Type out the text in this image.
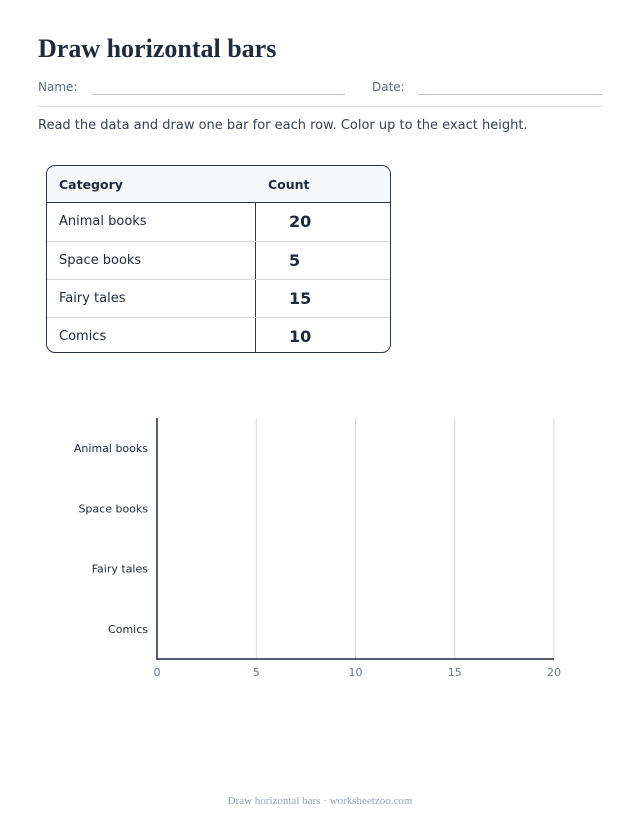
Draw horizontal bars
Name:	Date:

Read the data and draw one bar for each row. Color up to the exact height.

Category	Count
Animal books	20
Space books	5
Fairy tales	15
Comics	10
0	5	10	15	20
Animal books
Space books
Fairy tales
Comics
Draw horizontal bars · worksheetzoo.com
